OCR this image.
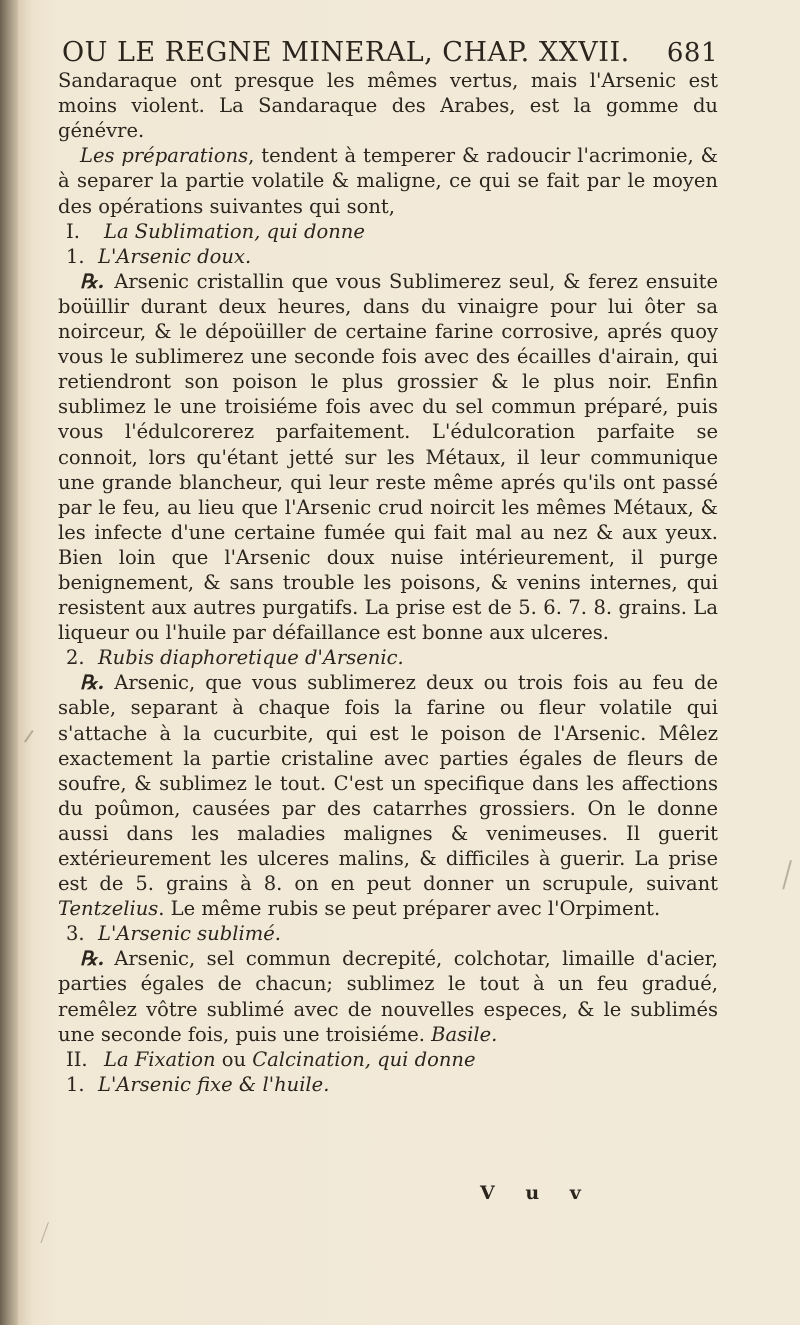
OU LE REGNE MINERAL, CHAP. XXVII. 681

Sandaraque ont presque les mêmes vertus, mais l'Arsenic est moins violent. La Sandaraque des Arabes, est la gomme du génévre.

Les préparations, tendent à temperer & radoucir l'acrimonie, & à separer la partie volatile & maligne, ce qui se fait par le moyen des opérations suivantes qui sont,

I. La Sublimation, qui donne

1. L'Arsenic doux.

℞. Arsenic cristallin que vous Sublimerez seul, & ferez ensuite boüillir durant deux heures, dans du vinaigre pour lui ôter sa noirceur, & le dépoüiller de certaine farine corrosive, aprés quoy vous le sublimerez une seconde fois avec des écailles d'airain, qui retiendront son poison le plus grossier & le plus noir. Enfin sublimez le une troisiéme fois avec du sel commun préparé, puis vous l'édulcorerez parfaitement. L'édulcoration parfaite se connoit, lors qu'étant jetté sur les Métaux, il leur communique une grande blancheur, qui leur reste même aprés qu'ils ont passé par le feu, au lieu que l'Arsenic crud noircit les mêmes Métaux, & les infecte d'une certaine fumée qui fait mal au nez & aux yeux. Bien loin que l'Arsenic doux nuise intérieurement, il purge benignement, & sans trouble les poisons, & venins internes, qui resistent aux autres purgatifs. La prise est de 5. 6. 7. 8. grains. La liqueur ou l'huile par défaillance est bonne aux ulceres.

2. Rubis diaphoretique d'Arsenic.

℞. Arsenic, que vous sublimerez deux ou trois fois au feu de sable, separant à chaque fois la farine ou fleur volatile qui s'attache à la cucurbite, qui est le poison de l'Arsenic. Mêlez exactement la partie cristaline avec parties égales de fleurs de soufre, & sublimez le tout. C'est un specifique dans les affections du poûmon, causées par des catarrhes grossiers. On le donne aussi dans les maladies malignes & venimeuses. Il guerit extérieurement les ulceres malins, & difficiles à guerir. La prise est de 5. grains à 8. on en peut donner un scrupule, suivant Tentzelius. Le même rubis se peut préparer avec l'Orpiment.

3. L'Arsenic sublimé.

℞. Arsenic, sel commun decrepité, colchotar, limaille d'acier, parties égales de chacun; sublimez le tout à un feu gradué, remêlez vôtre sublimé avec de nouvelles especes, & le sublimés une seconde fois, puis une troisiéme. Basile.

II. La Fixation ou Calcination, qui donne

1. L'Arsenic fixe & l'huile.

V u v
